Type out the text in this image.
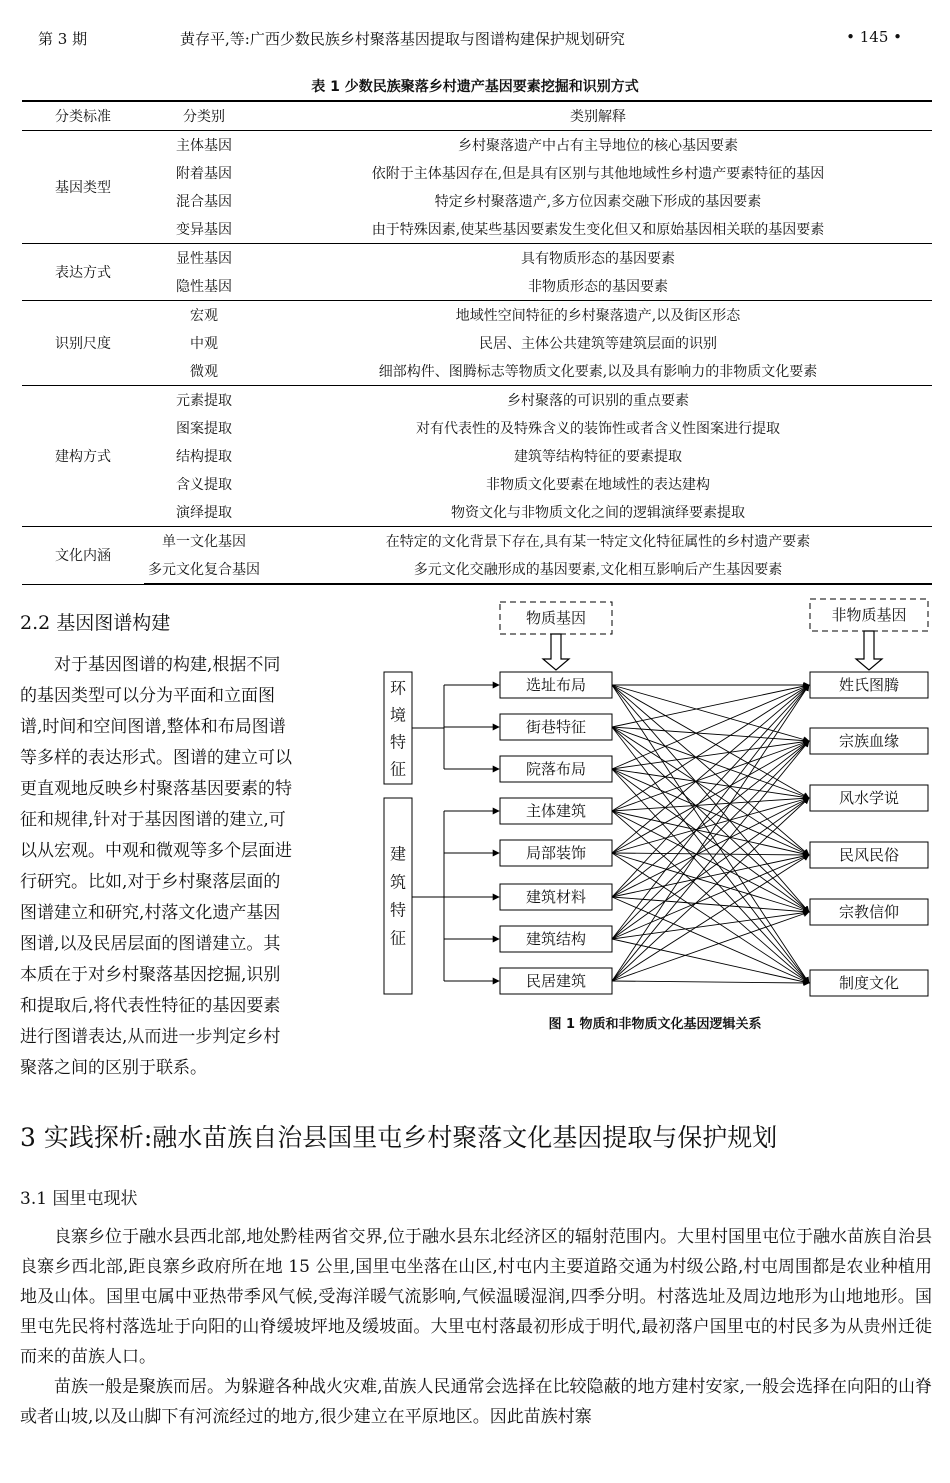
第 3 期	黄存平,等:广西少数民族乡村聚落基因提取与图谱构建保护规划研究	• 145 •
表 1 少数民族聚落乡村遗产基因要素挖掘和识别方式
分类标准	分类别	类别解释
基因类型	主体基因	乡村聚落遗产中占有主导地位的核心基因要素
	附着基因	依附于主体基因存在,但是具有区别与其他地域性乡村遗产要素特征的基因
	混合基因	特定乡村聚落遗产,多方位因素交融下形成的基因要素
	变异基因	由于特殊因素,使某些基因要素发生变化但又和原始基因相关联的基因要素
表达方式	显性基因	具有物质形态的基因要素
	隐性基因	非物质形态的基因要素
识别尺度	宏观	地域性空间特征的乡村聚落遗产,以及街区形态
	中观	民居、主体公共建筑等建筑层面的识别
	微观	细部构件、图腾标志等物质文化要素,以及具有影响力的非物质文化要素
建构方式	元素提取	乡村聚落的可识别的重点要素
	图案提取	对有代表性的及特殊含义的装饰性或者含义性图案进行提取
	结构提取	建筑等结构特征的要素提取
	含义提取	非物质文化要素在地域性的表达建构
	演绎提取	物资文化与非物质文化之间的逻辑演绎要素提取
文化内涵	单一文化基因	在特定的文化背景下存在,具有某一特定文化特征属性的乡村遗产要素
	多元文化复合基因	多元文化交融形成的基因要素,文化相互影响后产生基因要素
2.2 基因图谱构建
对于基因图谱的构建,根据不同
的基因类型可以分为平面和立面图
谱,时间和空间图谱,整体和布局图谱
等多样的表达形式。图谱的建立可以
更直观地反映乡村聚落基因要素的特
征和规律,针对于基因图谱的建立,可
以从宏观。中观和微观等多个层面进
行研究。比如,对于乡村聚落层面的
图谱建立和研究,村落文化遗产基因
图谱,以及民居层面的图谱建立。其
本质在于对乡村聚落基因挖掘,识别
和提取后,将代表性特征的基因要素
进行图谱表达,从而进一步判定乡村
聚落之间的区别于联系。
物质基因	非物质基因
环
境
特
征
建
筑
特
征
选址布局
街巷特征
院落布局
主体建筑
局部装饰
建筑材料
建筑结构
民居建筑
姓氏图腾
宗族血缘
风水学说
民风民俗
宗教信仰
制度文化
图 1 物质和非物质文化基因逻辑关系
3 实践探析:融水苗族自治县国里屯乡村聚落文化基因提取与保护规划
3.1 国里屯现状

良寨乡位于融水县西北部,地处黔桂两省交界,位于融水县东北经济区的辐射范围内。大里村国里屯位于融水苗族自治县良寨乡西北部,距良寨乡政府所在地 15 公里,国里屯坐落在山区,村屯内主要道路交通为村级公路,村屯周围都是农业种植用地及山体。国里屯属中亚热带季风气候,受海洋暖气流影响,气候温暖湿润,四季分明。村落选址及周边地形为山地地形。国里屯先民将村落选址于向阳的山脊缓坡坪地及缓坡面。大里屯村落最初形成于明代,最初落户国里屯的村民多为从贵州迁徙而来的苗族人口。

苗族一般是聚族而居。为躲避各种战火灾难,苗族人民通常会选择在比较隐蔽的地方建村安家,一般会选择在向阳的山脊或者山坡,以及山脚下有河流经过的地方,很少建立在平原地区。因此苗族村寨
